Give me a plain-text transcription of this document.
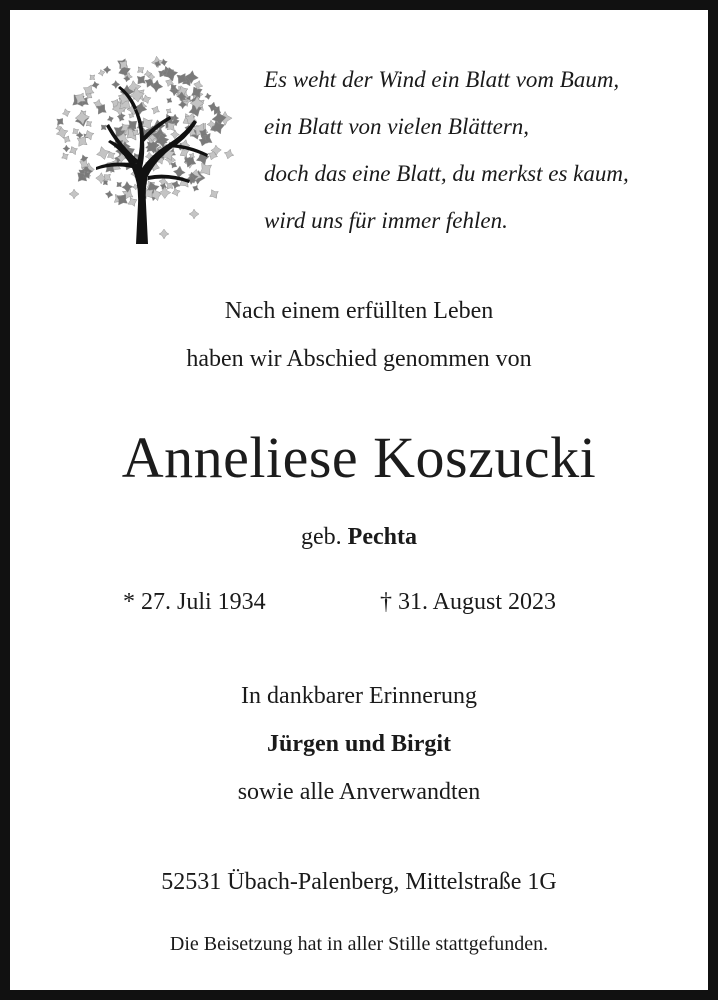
Es weht der Wind ein Blatt vom Baum,
ein Blatt von vielen Blättern,
doch das eine Blatt, du merkst es kaum,
wird uns für immer fehlen.
Nach einem erfüllten Leben
haben wir Abschied genommen von
Anneliese Koszucki
geb. Pechta
* 27. Juli 1934	† 31. August 2023
In dankbarer Erinnerung
Jürgen und Birgit
sowie alle Anverwandten
52531 Übach-Palenberg, Mittelstraße 1G
Die Beisetzung hat in aller Stille stattgefunden.
